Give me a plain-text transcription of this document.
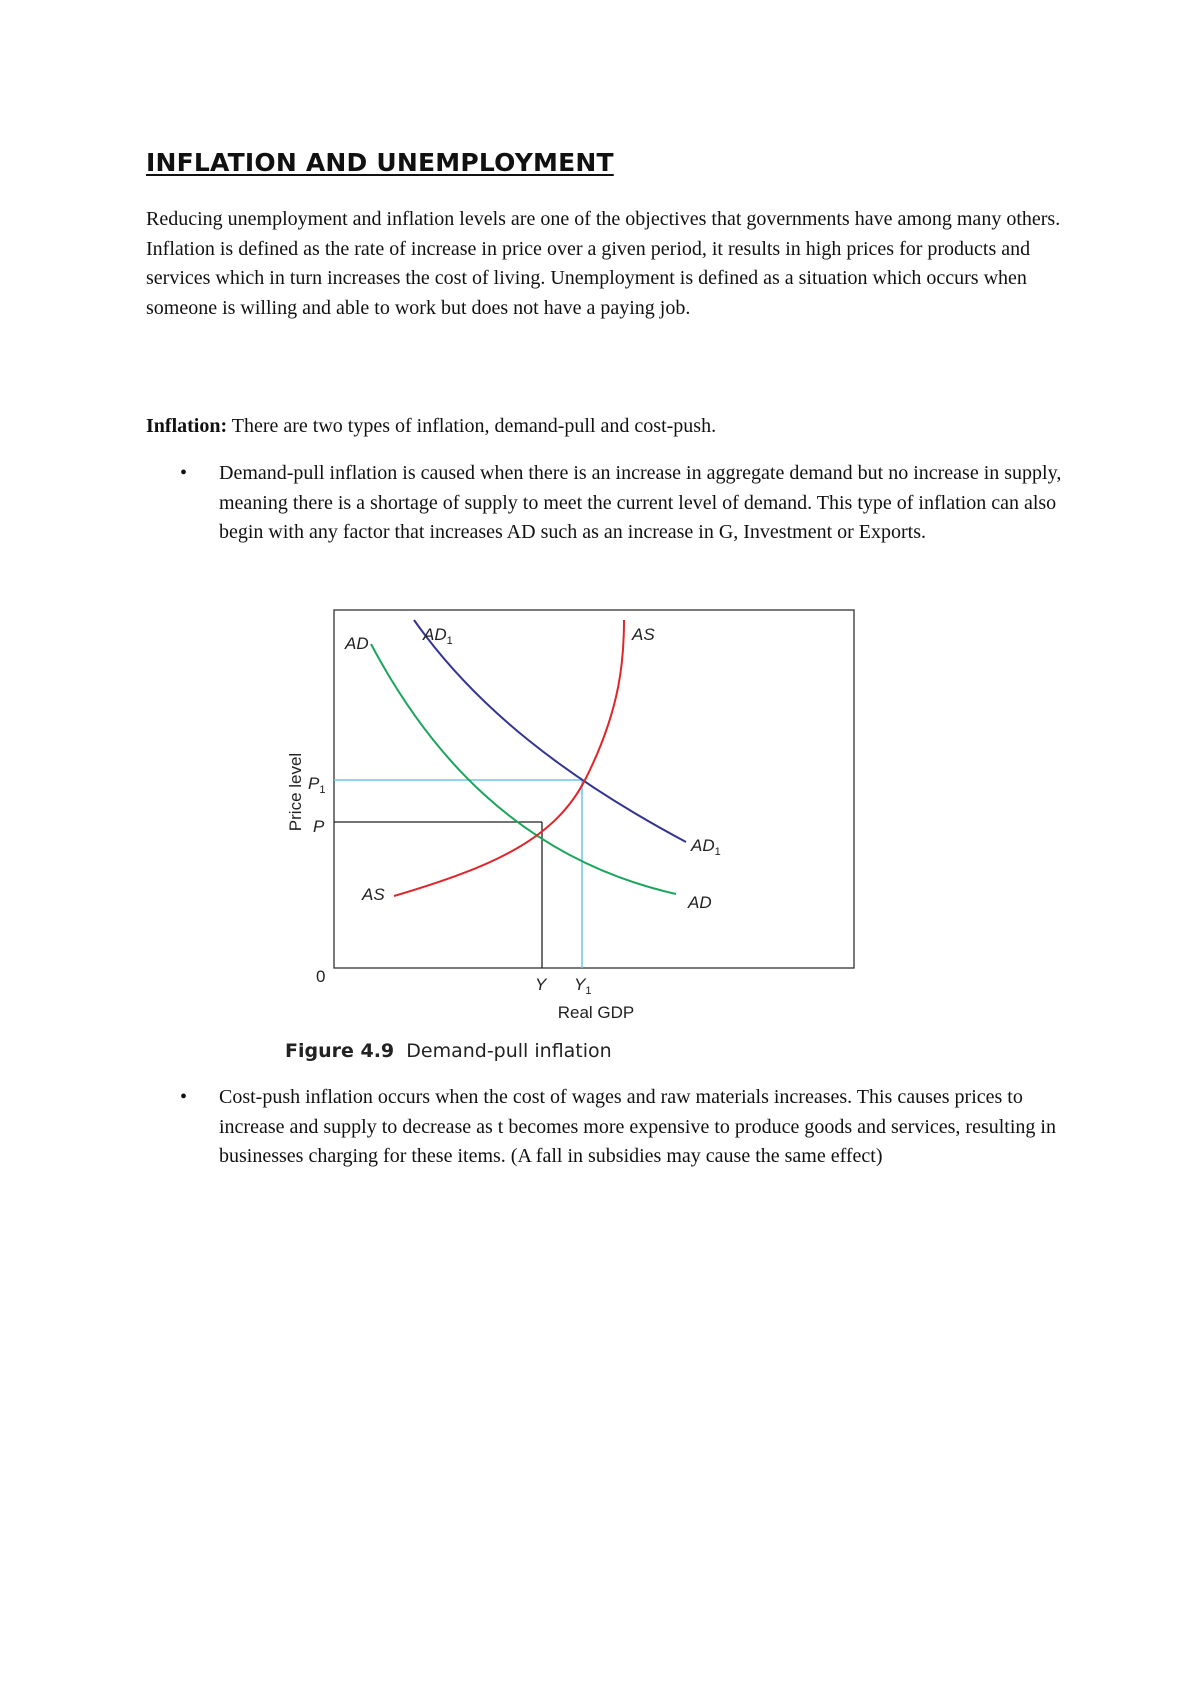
INFLATION AND UNEMPLOYMENT

Reducing unemployment and inflation levels are one of the objectives that governments have among many others. Inflation is defined as the rate of increase in price over a given period, it results in high prices for products and services which in turn increases the cost of living. Unemployment is defined as a situation which occurs when someone is willing and able to work but does not have a paying job.

Inflation: There are two types of inflation, demand-pull and cost-push.

• Demand-pull inflation is caused when there is an increase in aggregate demand but no increase in supply, meaning there is a shortage of supply to meet the current level of demand. This type of inflation can also begin with any factor that increases AD such as an increase in G, Investment or Exports.

AD	$AD_1$	AS
$AD_1$
AD
AS
$P_1$
P
0	Y $Y_1$
Price level
Real GDP

Figure 4.9 Demand-pull inflation

• Cost-push inflation occurs when the cost of wages and raw materials increases. This causes prices to increase and supply to decrease as t becomes more expensive to produce goods and services, resulting in businesses charging for these items. (A fall in subsidies may cause the same effect)
